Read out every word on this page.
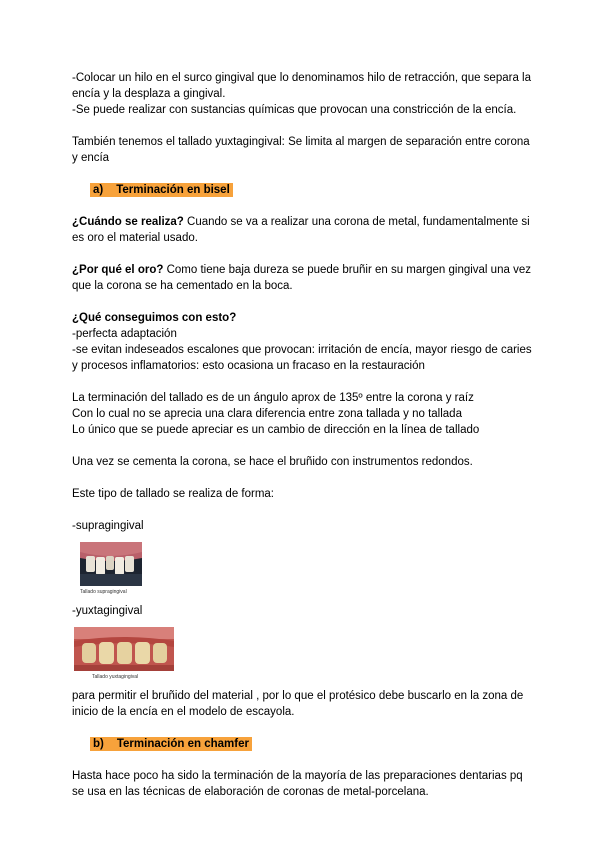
-Colocar un hilo en el surco gingival que lo denominamos hilo de retracción, que separa la encía y la desplaza a gingival.

-Se puede realizar con sustancias químicas que provocan una constricción de la encía.

También tenemos el tallado yuxtagingival: Se limita al margen de separación entre corona y encía

a) Terminación en bisel

¿Cuándo se realiza? Cuando se va a realizar una corona de metal, fundamentalmente si es oro el material usado.

¿Por qué el oro? Como tiene baja dureza se puede bruñir en su margen gingival una vez que la corona se ha cementado en la boca.

¿Qué conseguimos con esto?

-perfecta adaptación

-se evitan indeseados escalones que provocan: irritación de encía, mayor riesgo de caries y procesos inflamatorios: esto ocasiona un fracaso en la restauración

La terminación del tallado es de un ángulo aprox de 135º entre la corona y raíz

Con lo cual no se aprecia una clara diferencia entre zona tallada y no tallada

Lo único que se puede apreciar es un cambio de dirección en la línea de tallado

Una vez se cementa la corona, se hace el bruñido con instrumentos redondos.

Este tipo de tallado se realiza de forma:

-supragingival

Tallado supragingival

-yuxtagingival

Tallado yuxtagingival

para permitir el bruñido del material , por lo que el protésico debe buscarlo en la zona de inicio de la encía en el modelo de escayola.

b) Terminación en chamfer

Hasta hace poco ha sido la terminación de la mayoría de las preparaciones dentarias pq se usa en las técnicas de elaboración de coronas de metal-porcelana.
